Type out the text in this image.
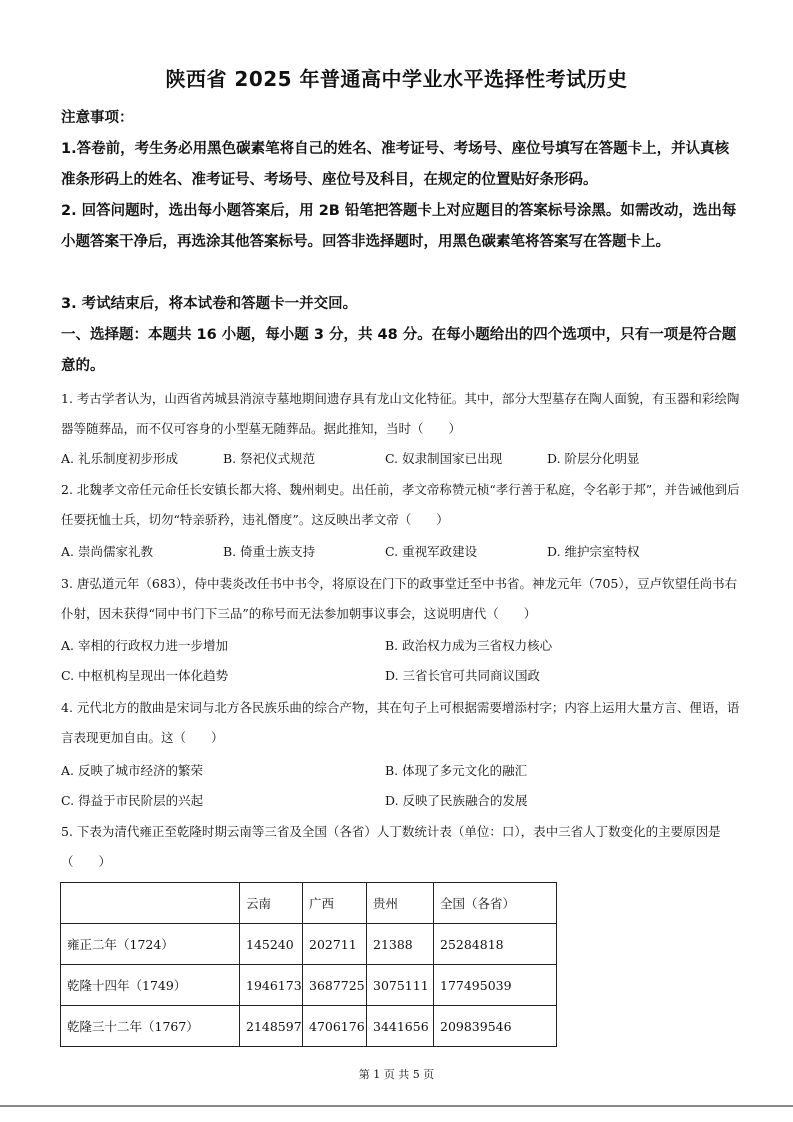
陕西省 2025 年普通高中学业水平选择性考试历史
注意事项：
1.答卷前，考生务必用黑色碳素笔将自己的姓名、准考证号、考场号、座位号填写在答题卡上，并认真核准条形码上的姓名、准考证号、考场号、座位号及科目，在规定的位置贴好条形码。
2. 回答问题时，选出每小题答案后，用 2B 铅笔把答题卡上对应题目的答案标号涂黑。如需改动，选出每小题答案干净后，再选涂其他答案标号。回答非选择题时，用黑色碳素笔将答案写在答题卡上。
3. 考试结束后，将本试卷和答题卡一并交回。
一、选择题：本题共 16 小题，每小题 3 分，共 48 分。在每小题给出的四个选项中，只有一项是符合题意的。
1. 考古学者认为，山西省芮城县消涼寺墓地期间遗存具有龙山文化特征。其中，部分大型墓存在陶人面貌，有玉器和彩绘陶器等随葬品，而不仅可容身的小型墓无随葬品。据此推知，当时（　　）
A. 礼乐制度初步形成	B. 祭祀仪式规范	C. 奴隶制国家已出现	D. 阶层分化明显
2. 北魏孝文帝任元命任长安镇长都大将、魏州刺史。出任前，孝文帝称赞元桢“孝行善于私庭，令名彰于邦”，并告诫他到后任要抚恤士兵，切勿“特亲骄矜，违礼僭度”。这反映出孝文帝（　　）
A. 崇尚儒家礼教	B. 倚重士族支持	C. 重视军政建设	D. 维护宗室特权
3. 唐弘道元年（683），侍中裴炎改任书中书令，将原设在门下的政事堂迁至中书省。神龙元年（705），豆卢钦望任尚书右仆射，因未获得“同中书门下三品”的称号而无法参加朝事议事会，这说明唐代（　　）
A. 宰相的行政权力进一步增加	B. 政治权力成为三省权力核心
C. 中枢机构呈现出一体化趋势	D. 三省长官可共同商议国政
4. 元代北方的散曲是宋词与北方各民族乐曲的综合产物，其在句子上可根据需要增添村字；内容上运用大量方言、俚语，语言表现更加自由。这（　　）
A. 反映了城市经济的繁荣	B. 体现了多元文化的融汇
C. 得益于市民阶层的兴起	D. 反映了民族融合的发展
5. 下表为清代雍正至乾隆时期云南等三省及全国（各省）人丁数统计表（单位：口），表中三省人丁数变化的主要原因是（　　）
	云南	广西	贵州	全国（各省）
雍正二年（1724）	145240	202711	21388	25284818
乾隆十四年（1749）	1946173	3687725	3075111	177495039
乾隆三十二年（1767）	2148597	4706176	3441656	209839546
第 1 页 共 5 页
